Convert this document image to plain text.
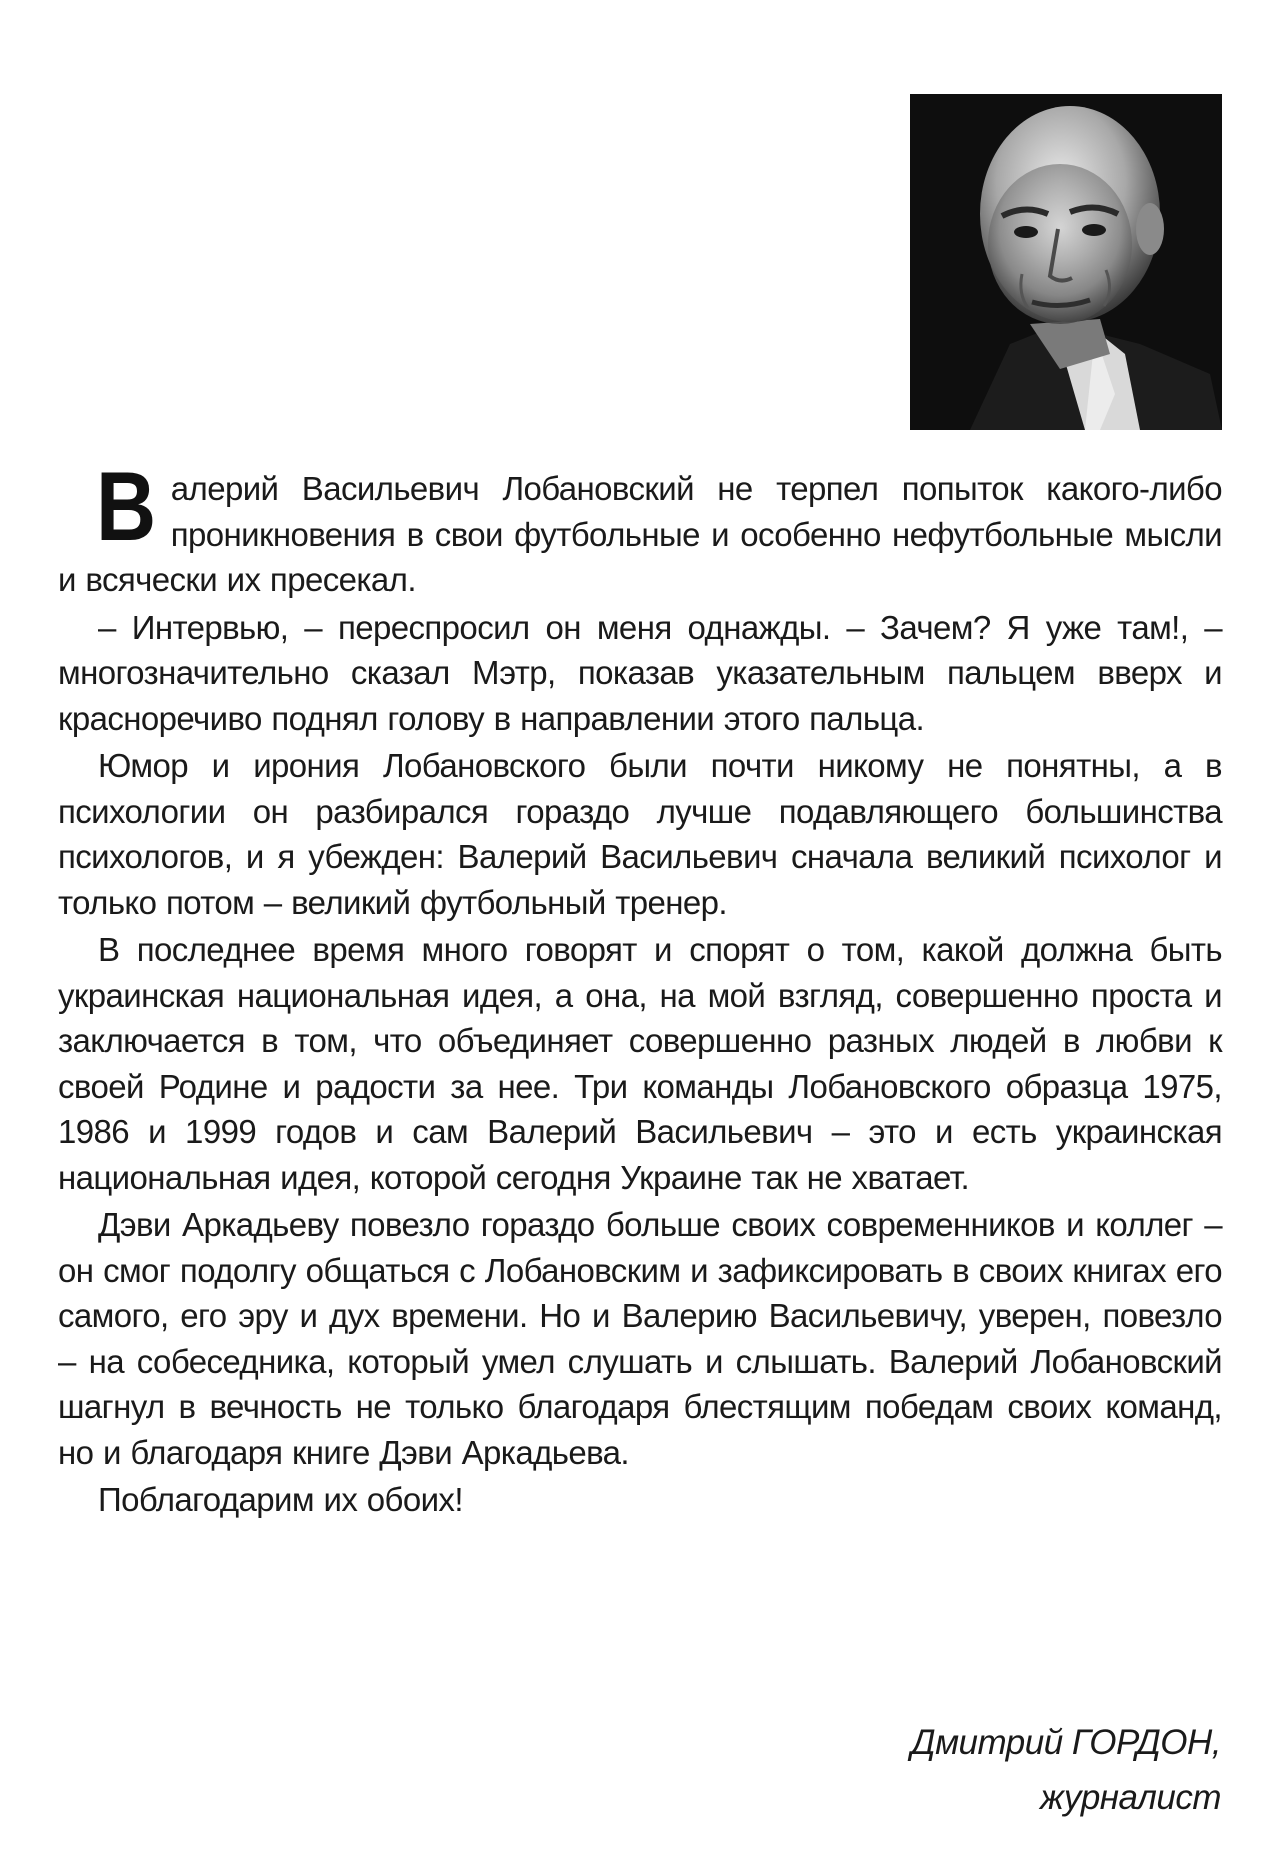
Валерий Васильевич Лобановский не терпел попыток какого-либо проникновения в свои футбольные и особенно нефутбольные мысли и всячески их пресекал.

– Интервью, – переспросил он меня однажды. – Зачем? Я уже там!, – многозначительно сказал Мэтр, показав указательным пальцем вверх и красноречиво поднял голову в направлении этого пальца.

Юмор и ирония Лобановского были почти никому не понятны, а в психологии он разбирался гораздо лучше подавляющего большинства психологов, и я убежден: Валерий Васильевич сначала великий психолог и только потом – великий футбольный тренер.

В последнее время много говорят и спорят о том, какой должна быть украинская национальная идея, а она, на мой взгляд, совершенно проста и заключается в том, что объединяет совершенно разных людей в любви к своей Родине и радости за нее. Три команды Лобановского образца 1975, 1986 и 1999 годов и сам Валерий Васильевич – это и есть украинская национальная идея, которой сегодня Украине так не хватает.

Дэви Аркадьеву повезло гораздо больше своих современников и коллег – он смог подолгу общаться с Лобановским и зафиксировать в своих книгах его самого, его эру и дух времени. Но и Валерию Васильевичу, уверен, повезло – на собеседника, который умел слушать и слышать. Валерий Лобановский шагнул в вечность не только благодаря блестящим победам своих команд, но и благодаря книге Дэви Аркадьева.

Поблагодарим их обоих!

Дмитрий ГОРДОН,
журналист
